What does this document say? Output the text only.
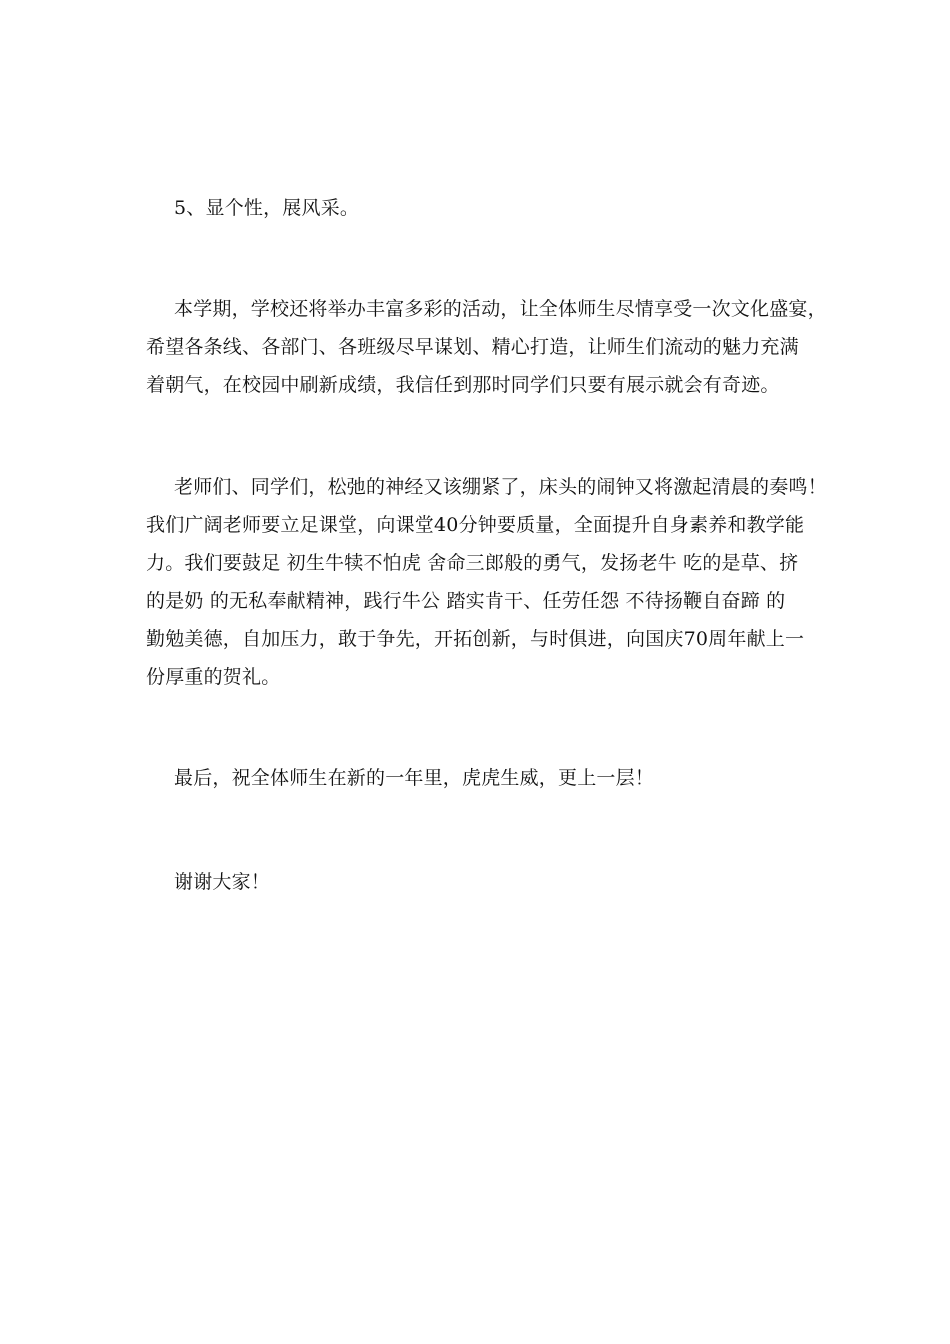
5、显个性，展风采。
本学期，学校还将举办丰富多彩的活动，让全体师生尽情享受一次文化盛宴，
希望各条线、各部门、各班级尽早谋划、精心打造，让师生们流动的魅力充满
着朝气，在校园中刷新成绩，我信任到那时同学们只要有展示就会有奇迹。
老师们、同学们，松弛的神经又该绷紧了，床头的闹钟又将激起清晨的奏鸣！
我们广阔老师要立足课堂，向课堂40分钟要质量，全面提升自身素养和教学能
力。我们要鼓足 初生牛犊不怕虎 舍命三郎般的勇气，发扬老牛 吃的是草、挤
的是奶 的无私奉献精神，践行牛公 踏实肯干、任劳任怨 不待扬鞭自奋蹄 的
勤勉美德，自加压力，敢于争先，开拓创新，与时俱进，向国庆70周年献上一
份厚重的贺礼。
最后，祝全体师生在新的一年里，虎虎生威，更上一层！
谢谢大家！
